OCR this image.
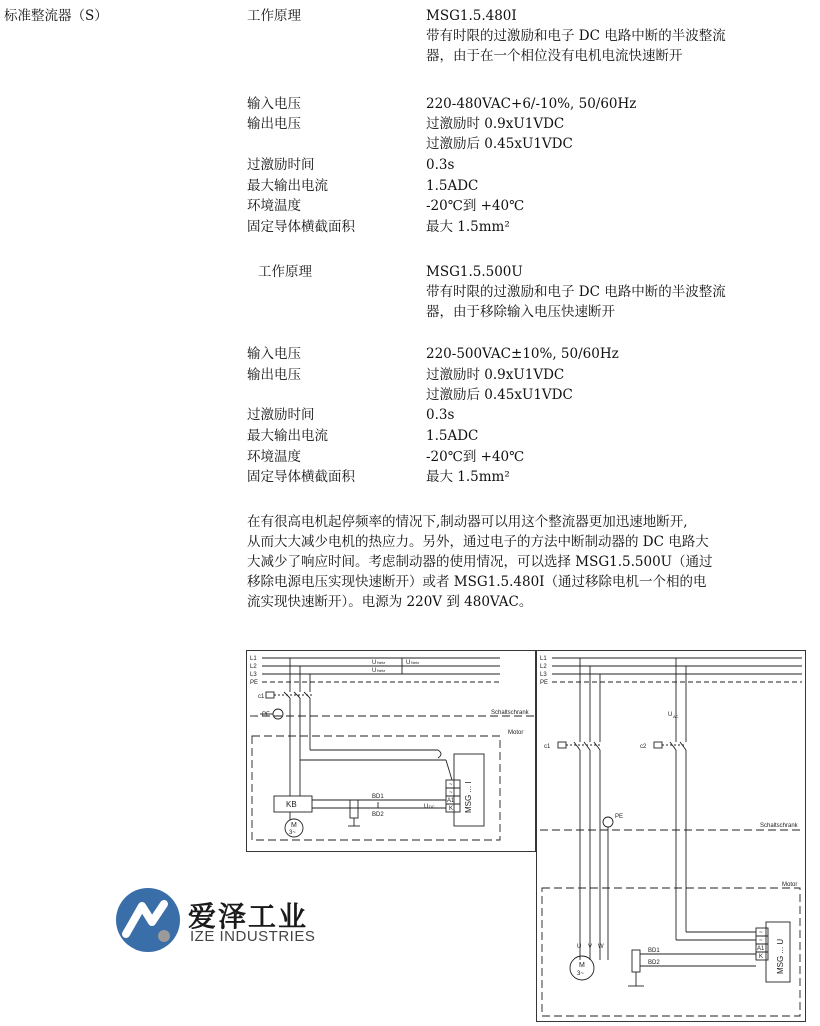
标准整流器（S）	工作原理	MSG1.5.480I
带有时限的过激励和电子 DC 电路中断的半波整流
器，由于在一个相位没有电机电流快速断开
输入电压	220-480VAC+6/-10%, 50/60Hz
输出电压	过激励时 0.9xU1VDC
过激励后 0.45xU1VDC
过激励时间	0.3s
最大输出电流	1.5ADC
环境温度	-20℃到 +40℃
固定导体横截面积	最大 1.5mm²
工作原理	MSG1.5.500U
带有时限的过激励和电子 DC 电路中断的半波整流
器，由于移除输入电压快速断开
输入电压	220-500VAC±10%, 50/60Hz
输出电压	过激励时 0.9xU1VDC
过激励后 0.45xU1VDC
过激励时间	0.3s
最大输出电流	1.5ADC
环境温度	-20℃到 +40℃
固定导体横截面积	最大 1.5mm²
在有很高电机起停频率的情况下,制动器可以用这个整流器更加迅速地断开,
从而大大减少电机的热应力。另外，通过电子的方法中断制动器的 DC 电路大
大减少了响应时间。考虑制动器的使用情况，可以选择 MSG1.5.500U（通过
移除电源电压实现快速断开）或者 MSG1.5.480I（通过移除电机一个相的电
流实现快速断开）。电源为 220V 到 480VAC。
L1
L2
L3
PE
U Netz
U Netz
U Netz
c1
PE	Schaltschrank
Motor
KB
BD1
BD2
U DC
~
~
A1
K MSG ... I
M
3~
L1
L2
L3
PE
U AC
c1	c2
PE
Schaltschrank
Motor
U V W
BD1
BD2
~
~
A1
K MSG ... U
M
3~
爱泽工业
IZE INDUSTRIES
